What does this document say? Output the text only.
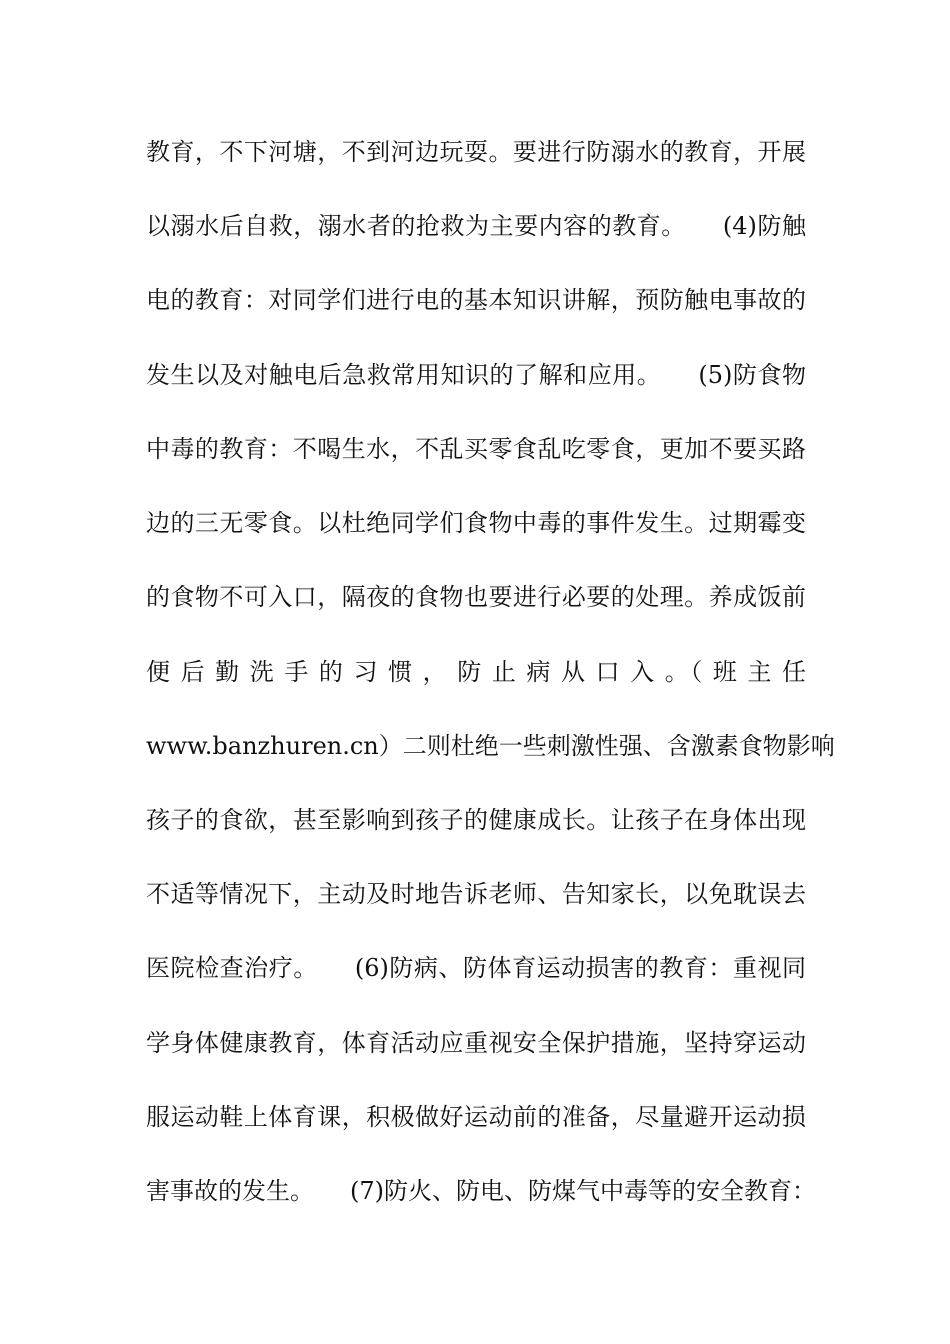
教育，不下河塘，不到河边玩耍。要进行防溺水的教育，开展
以溺水后自救，溺水者的抢救为主要内容的教育。　　(4)防触
电的教育：对同学们进行电的基本知识讲解，预防触电事故的
发生以及对触电后急救常用知识的了解和应用。　　(5)防食物
中毒的教育：不喝生水，不乱买零食乱吃零食，更加不要买路
边的三无零食。以杜绝同学们食物中毒的事件发生。过期霉变
的食物不可入口，隔夜的食物也要进行必要的处理。养成饭前
便 后 勤 洗 手 的 习 惯 ， 防 止 病 从 口 入 。（ 班 主 任
www.banzhuren.cn）二则杜绝一些刺激性强、含激素食物影响
孩子的食欲，甚至影响到孩子的健康成长。让孩子在身体出现
不适等情况下，主动及时地告诉老师、告知家长，以免耽误去
医院检查治疗。　　(6)防病、防体育运动损害的教育：重视同
学身体健康教育，体育活动应重视安全保护措施，坚持穿运动
服运动鞋上体育课，积极做好运动前的准备，尽量避开运动损
害事故的发生。　　(7)防火、防电、防煤气中毒等的安全教育：
